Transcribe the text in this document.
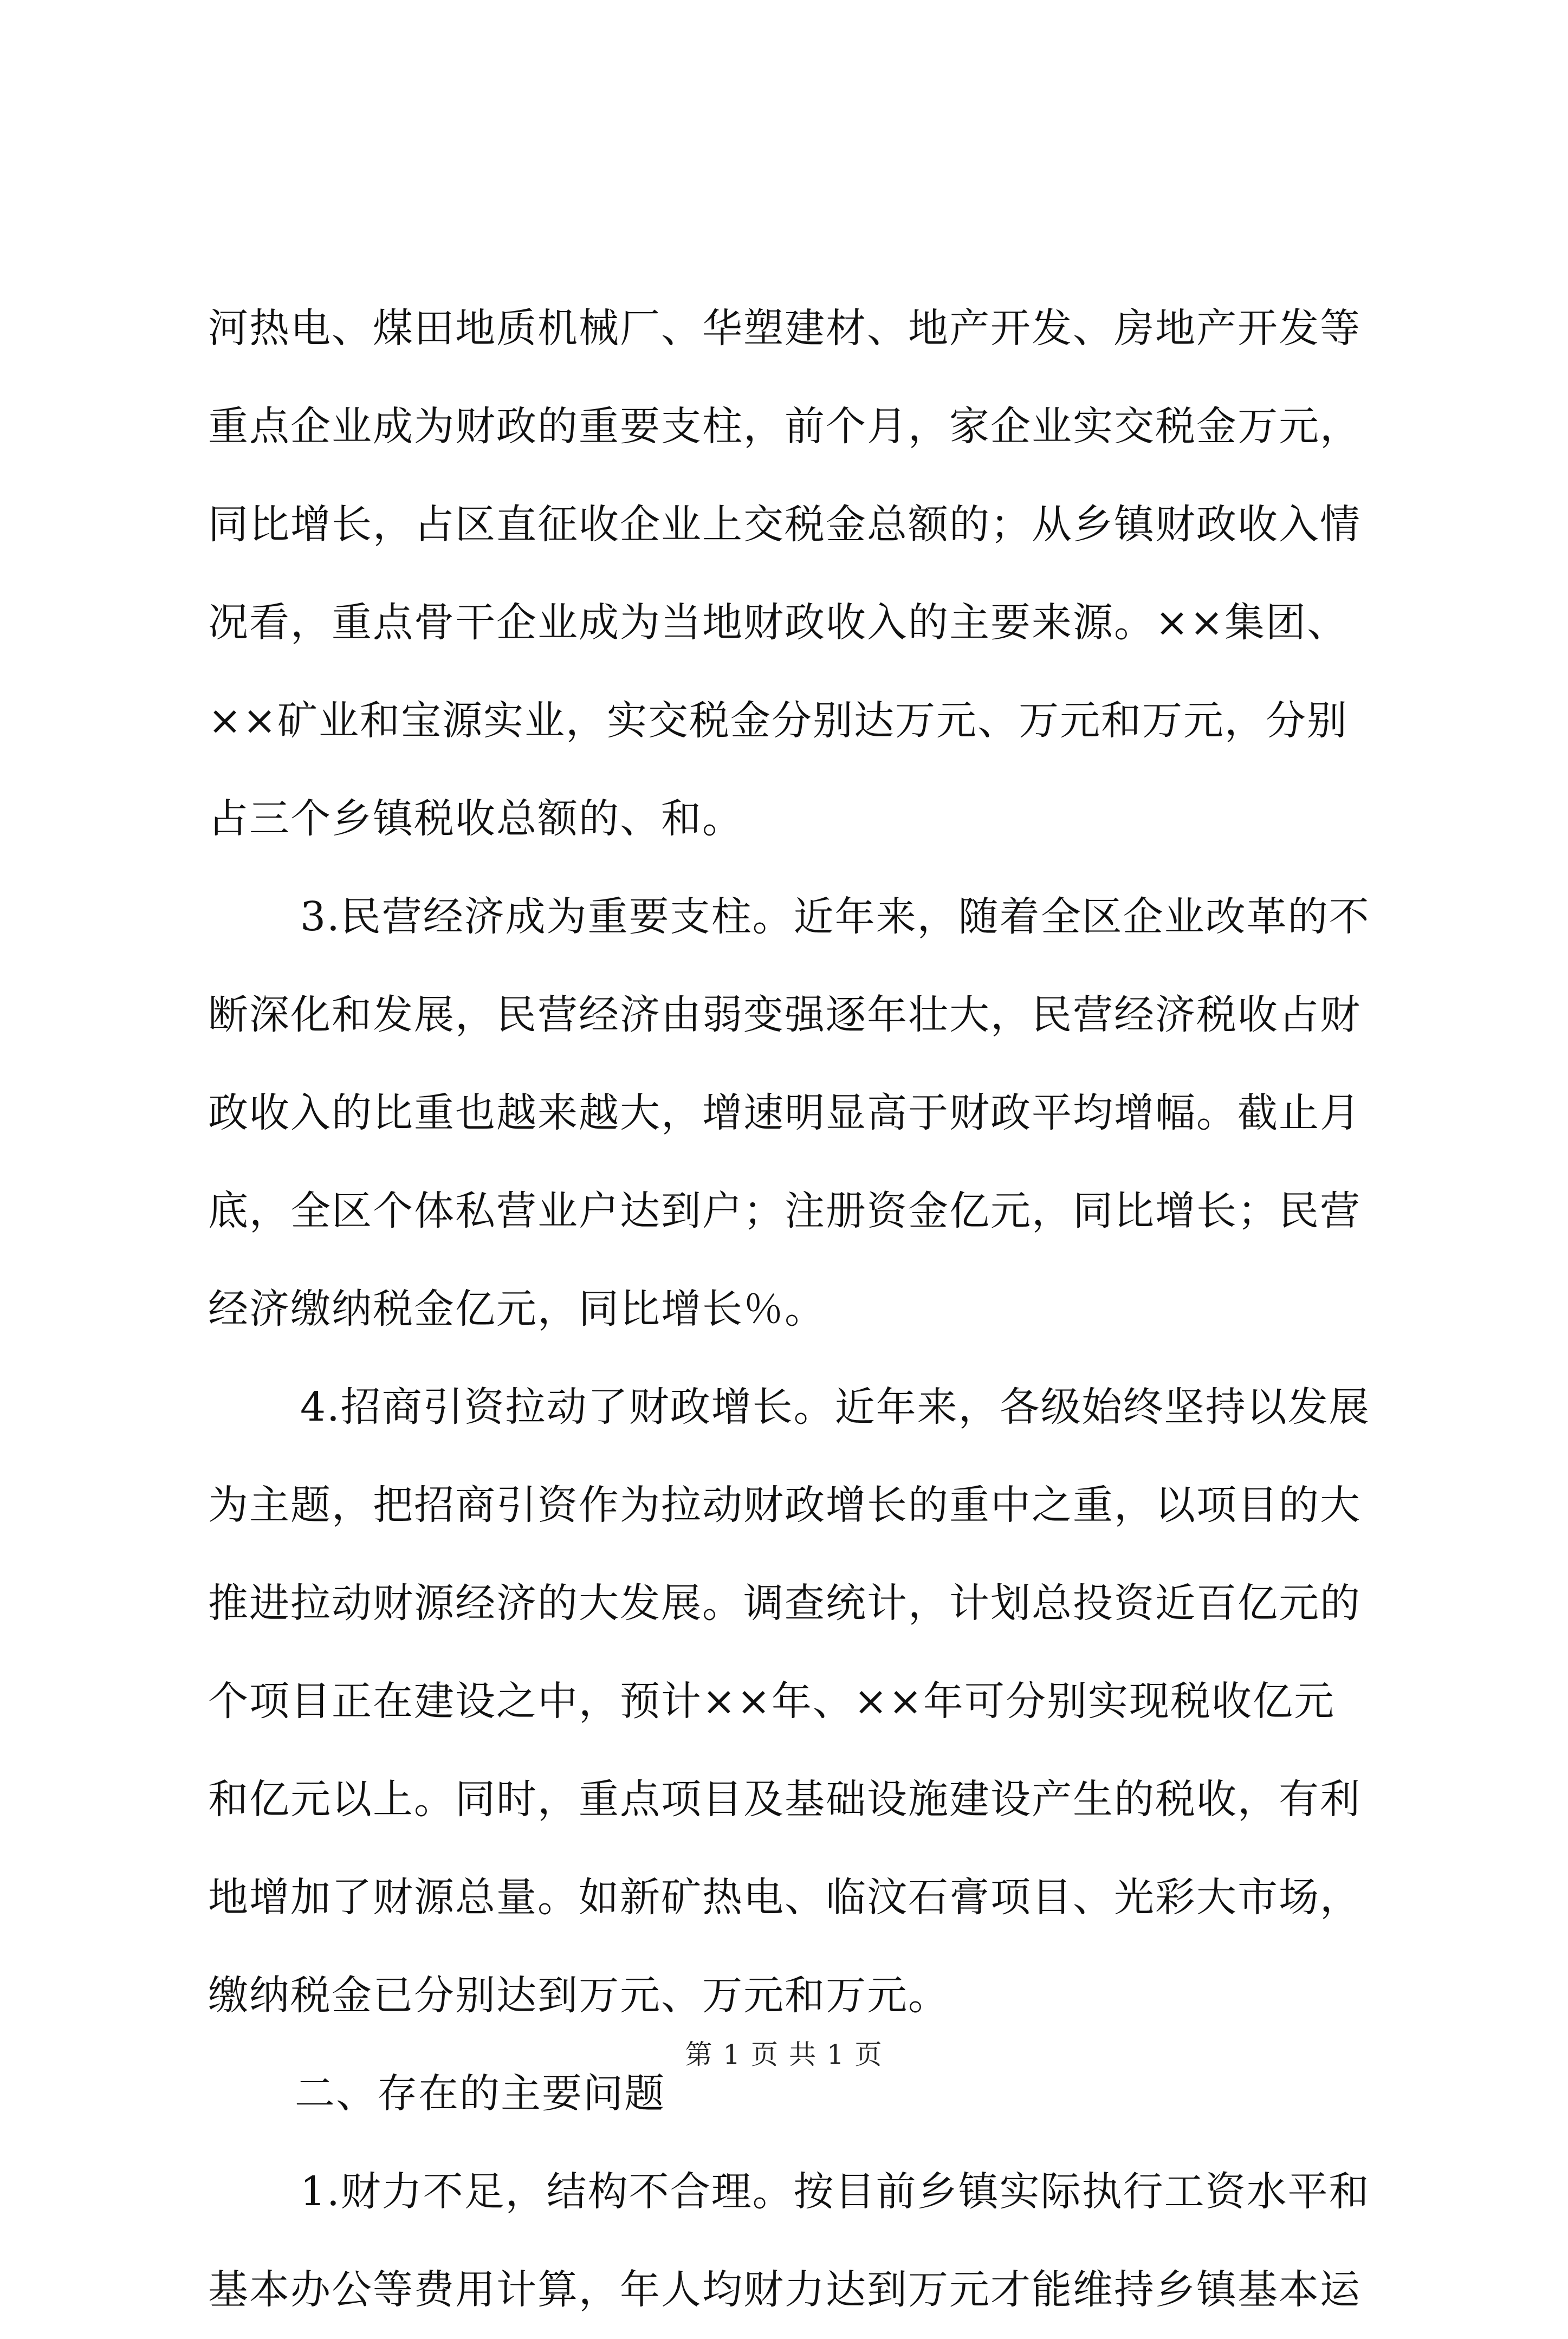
河热电、煤田地质机械厂、华塑建材、地产开发、房地产开发等
重点企业成为财政的重要支柱，前个月，家企业实交税金万元，
同比增长，占区直征收企业上交税金总额的；从乡镇财政收入情
况看，重点骨干企业成为当地财政收入的主要来源。××集团、
××矿业和宝源实业，实交税金分别达万元、万元和万元，分别
占三个乡镇税收总额的、和。
3.民营经济成为重要支柱。近年来，随着全区企业改革的不
断深化和发展，民营经济由弱变强逐年壮大，民营经济税收占财
政收入的比重也越来越大，增速明显高于财政平均增幅。截止月
底，全区个体私营业户达到户；注册资金亿元，同比增长；民营
经济缴纳税金亿元，同比增长％。
4.招商引资拉动了财政增长。近年来，各级始终坚持以发展
为主题，把招商引资作为拉动财政增长的重中之重，以项目的大
推进拉动财源经济的大发展。调查统计，计划总投资近百亿元的
个项目正在建设之中，预计××年、××年可分别实现税收亿元
和亿元以上。同时，重点项目及基础设施建设产生的税收，有利
地增加了财源总量。如新矿热电、临汶石膏项目、光彩大市场，
缴纳税金已分别达到万元、万元和万元。
二、存在的主要问题
1.财力不足，结构不合理。按目前乡镇实际执行工资水平和
基本办公等费用计算，年人均财力达到万元才能维持乡镇基本运
第 1 页 共 1 页
